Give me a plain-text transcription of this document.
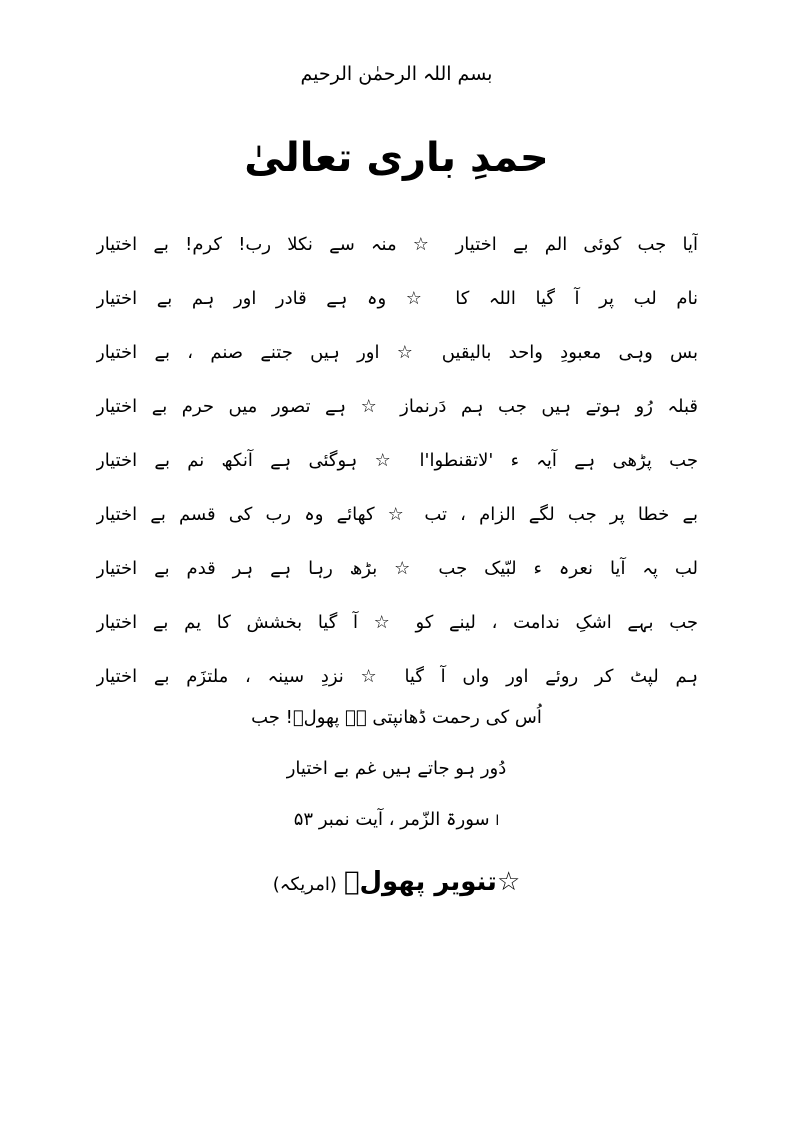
بسم اللہ الرحمٰن الرحیم
حمدِ باری تعالیٰ
آیا جب کوئی الم بے اختیار ☆ منہ سے نکلا رب! کرم! بے اختیار
نام لب پر آ گیا اللہ کا ☆ وہ ہے قادر اور ہم بے اختیار
بس وہی معبودِ واحد بالیقیں ☆ اور ہیں جتنے صنم ، بے اختیار
قبلہ رُو ہوتے ہیں جب ہم دَرنماز ☆ ہے تصور میں حرم بے اختیار
جب پڑھی ہے آیہ ء 'لاتقنطوا'ا ☆ ہوگئی ہے آنکھ نم بے اختیار
بے خطا پر جب لگے الزام ، تب ☆ کھائے وہ رب کی قسم بے اختیار
لب پہ آیا نعرہ ء لبّیک جب ☆ بڑھ رہا ہے ہر قدم بے اختیار
جب بہے اشکِ ندامت ، لینے کو ☆ آ گیا بخشش کا یم بے اختیار
ہم لپٹ کر روئے اور واں آ گیا ☆ نزدِ سینہ ، ملتزَم بے اختیار
اُس کی رحمت ڈھانپتی ہے پھولؔ! جب
دُور ہو جاتے ہیں غم بے اختیار
ا سورۃ الزّمر ، آیت نمبر ۵۳
☆تنویر پھولؔ (امریکہ)
